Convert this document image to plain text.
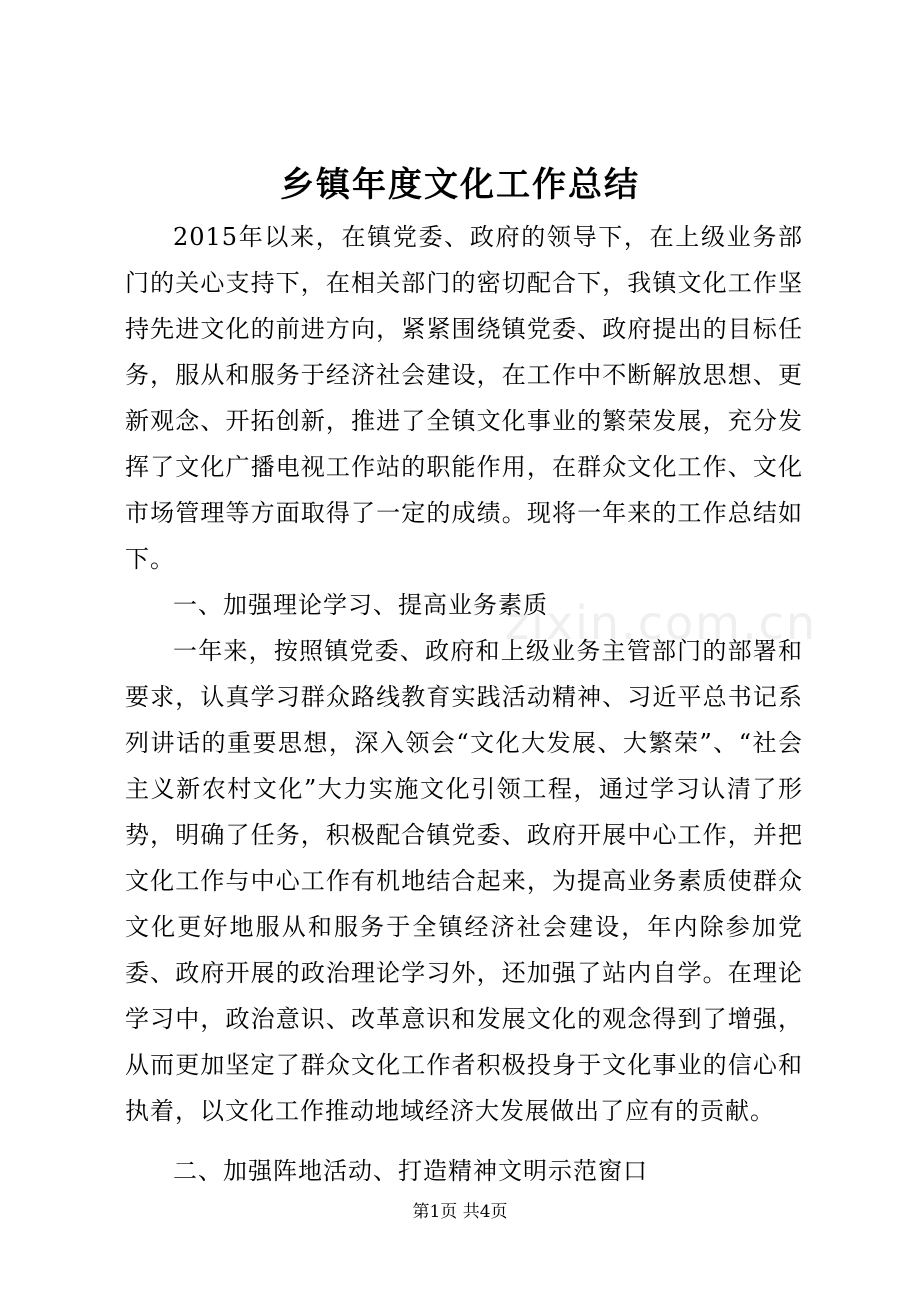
zixin.com.cn
乡镇年度文化工作总结

2015年以来，在镇党委、政府的领导下，在上级业务部门的关心支持下，在相关部门的密切配合下，我镇文化工作坚持先进文化的前进方向，紧紧围绕镇党委、政府提出的目标任务，服从和服务于经济社会建设，在工作中不断解放思想、更新观念、开拓创新，推进了全镇文化事业的繁荣发展，充分发挥了文化广播电视工作站的职能作用，在群众文化工作、文化市场管理等方面取得了一定的成绩。现将一年来的工作总结如下。

一、加强理论学习、提高业务素质

一年来，按照镇党委、政府和上级业务主管部门的部署和要求，认真学习群众路线教育实践活动精神、习近平总书记系列讲话的重要思想，深入领会“文化大发展、大繁荣”、“社会主义新农村文化”大力实施文化引领工程，通过学习认清了形势，明确了任务，积极配合镇党委、政府开展中心工作，并把文化工作与中心工作有机地结合起来，为提高业务素质使群众文化更好地服从和服务于全镇经济社会建设，年内除参加党委、政府开展的政治理论学习外，还加强了站内自学。在理论学习中，政治意识、改革意识和发展文化的观念得到了增强，从而更加坚定了群众文化工作者积极投身于文化事业的信心和执着，以文化工作推动地域经济大发展做出了应有的贡献。

二、加强阵地活动、打造精神文明示范窗口

第1页 共4页
